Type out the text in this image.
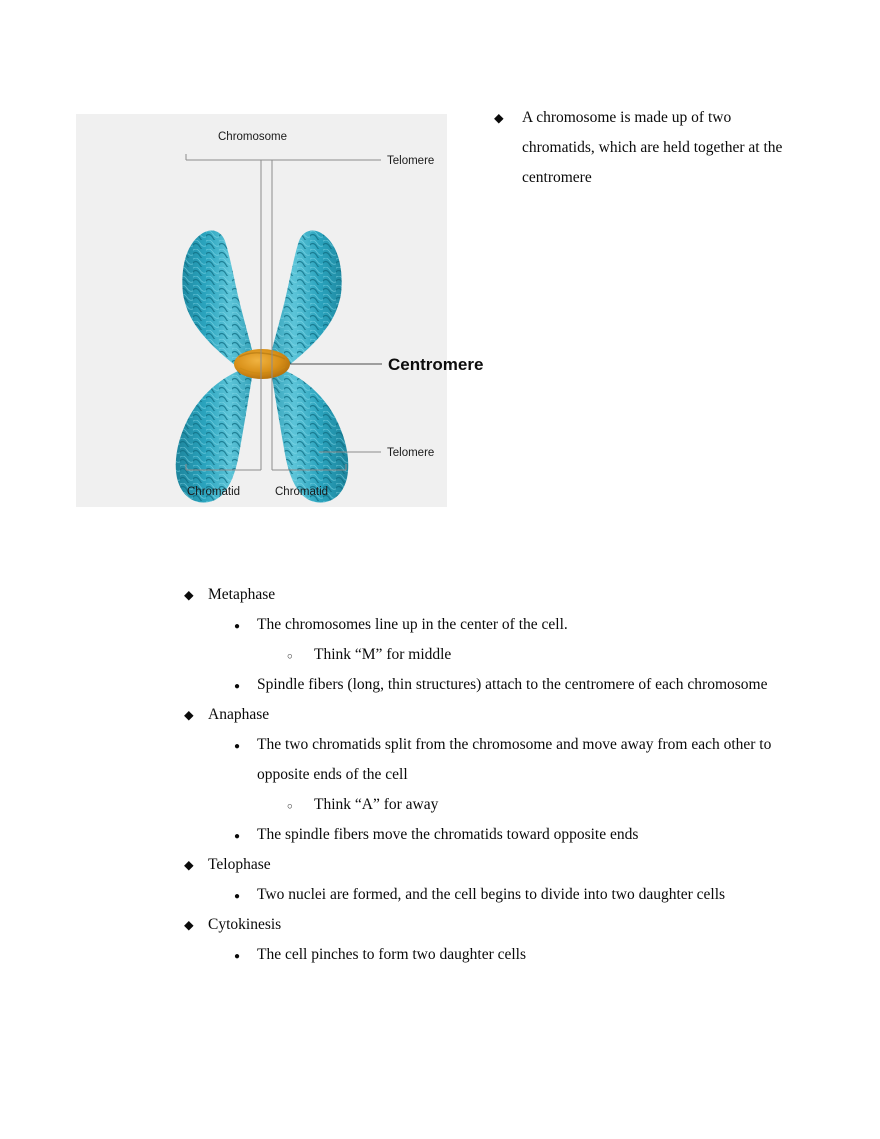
Chromosome
Telomere
Telomere
Centromere
Chromatid	Chromatid
◆
A chromosome is made up of two chromatids, which are held together at the centromere
◆
Metaphase
●
The chromosomes line up in the center of the cell.
○
Think “M” for middle
●
Spindle fibers (long, thin structures) attach to the centromere of each chromosome
◆
Anaphase
●
The two chromatids split from the chromosome and move away from each other to opposite ends of the cell
○
Think “A” for away
●
The spindle fibers move the chromatids toward opposite ends
◆
Telophase
●
Two nuclei are formed, and the cell begins to divide into two daughter cells
◆
Cytokinesis
●
The cell pinches to form two daughter cells
